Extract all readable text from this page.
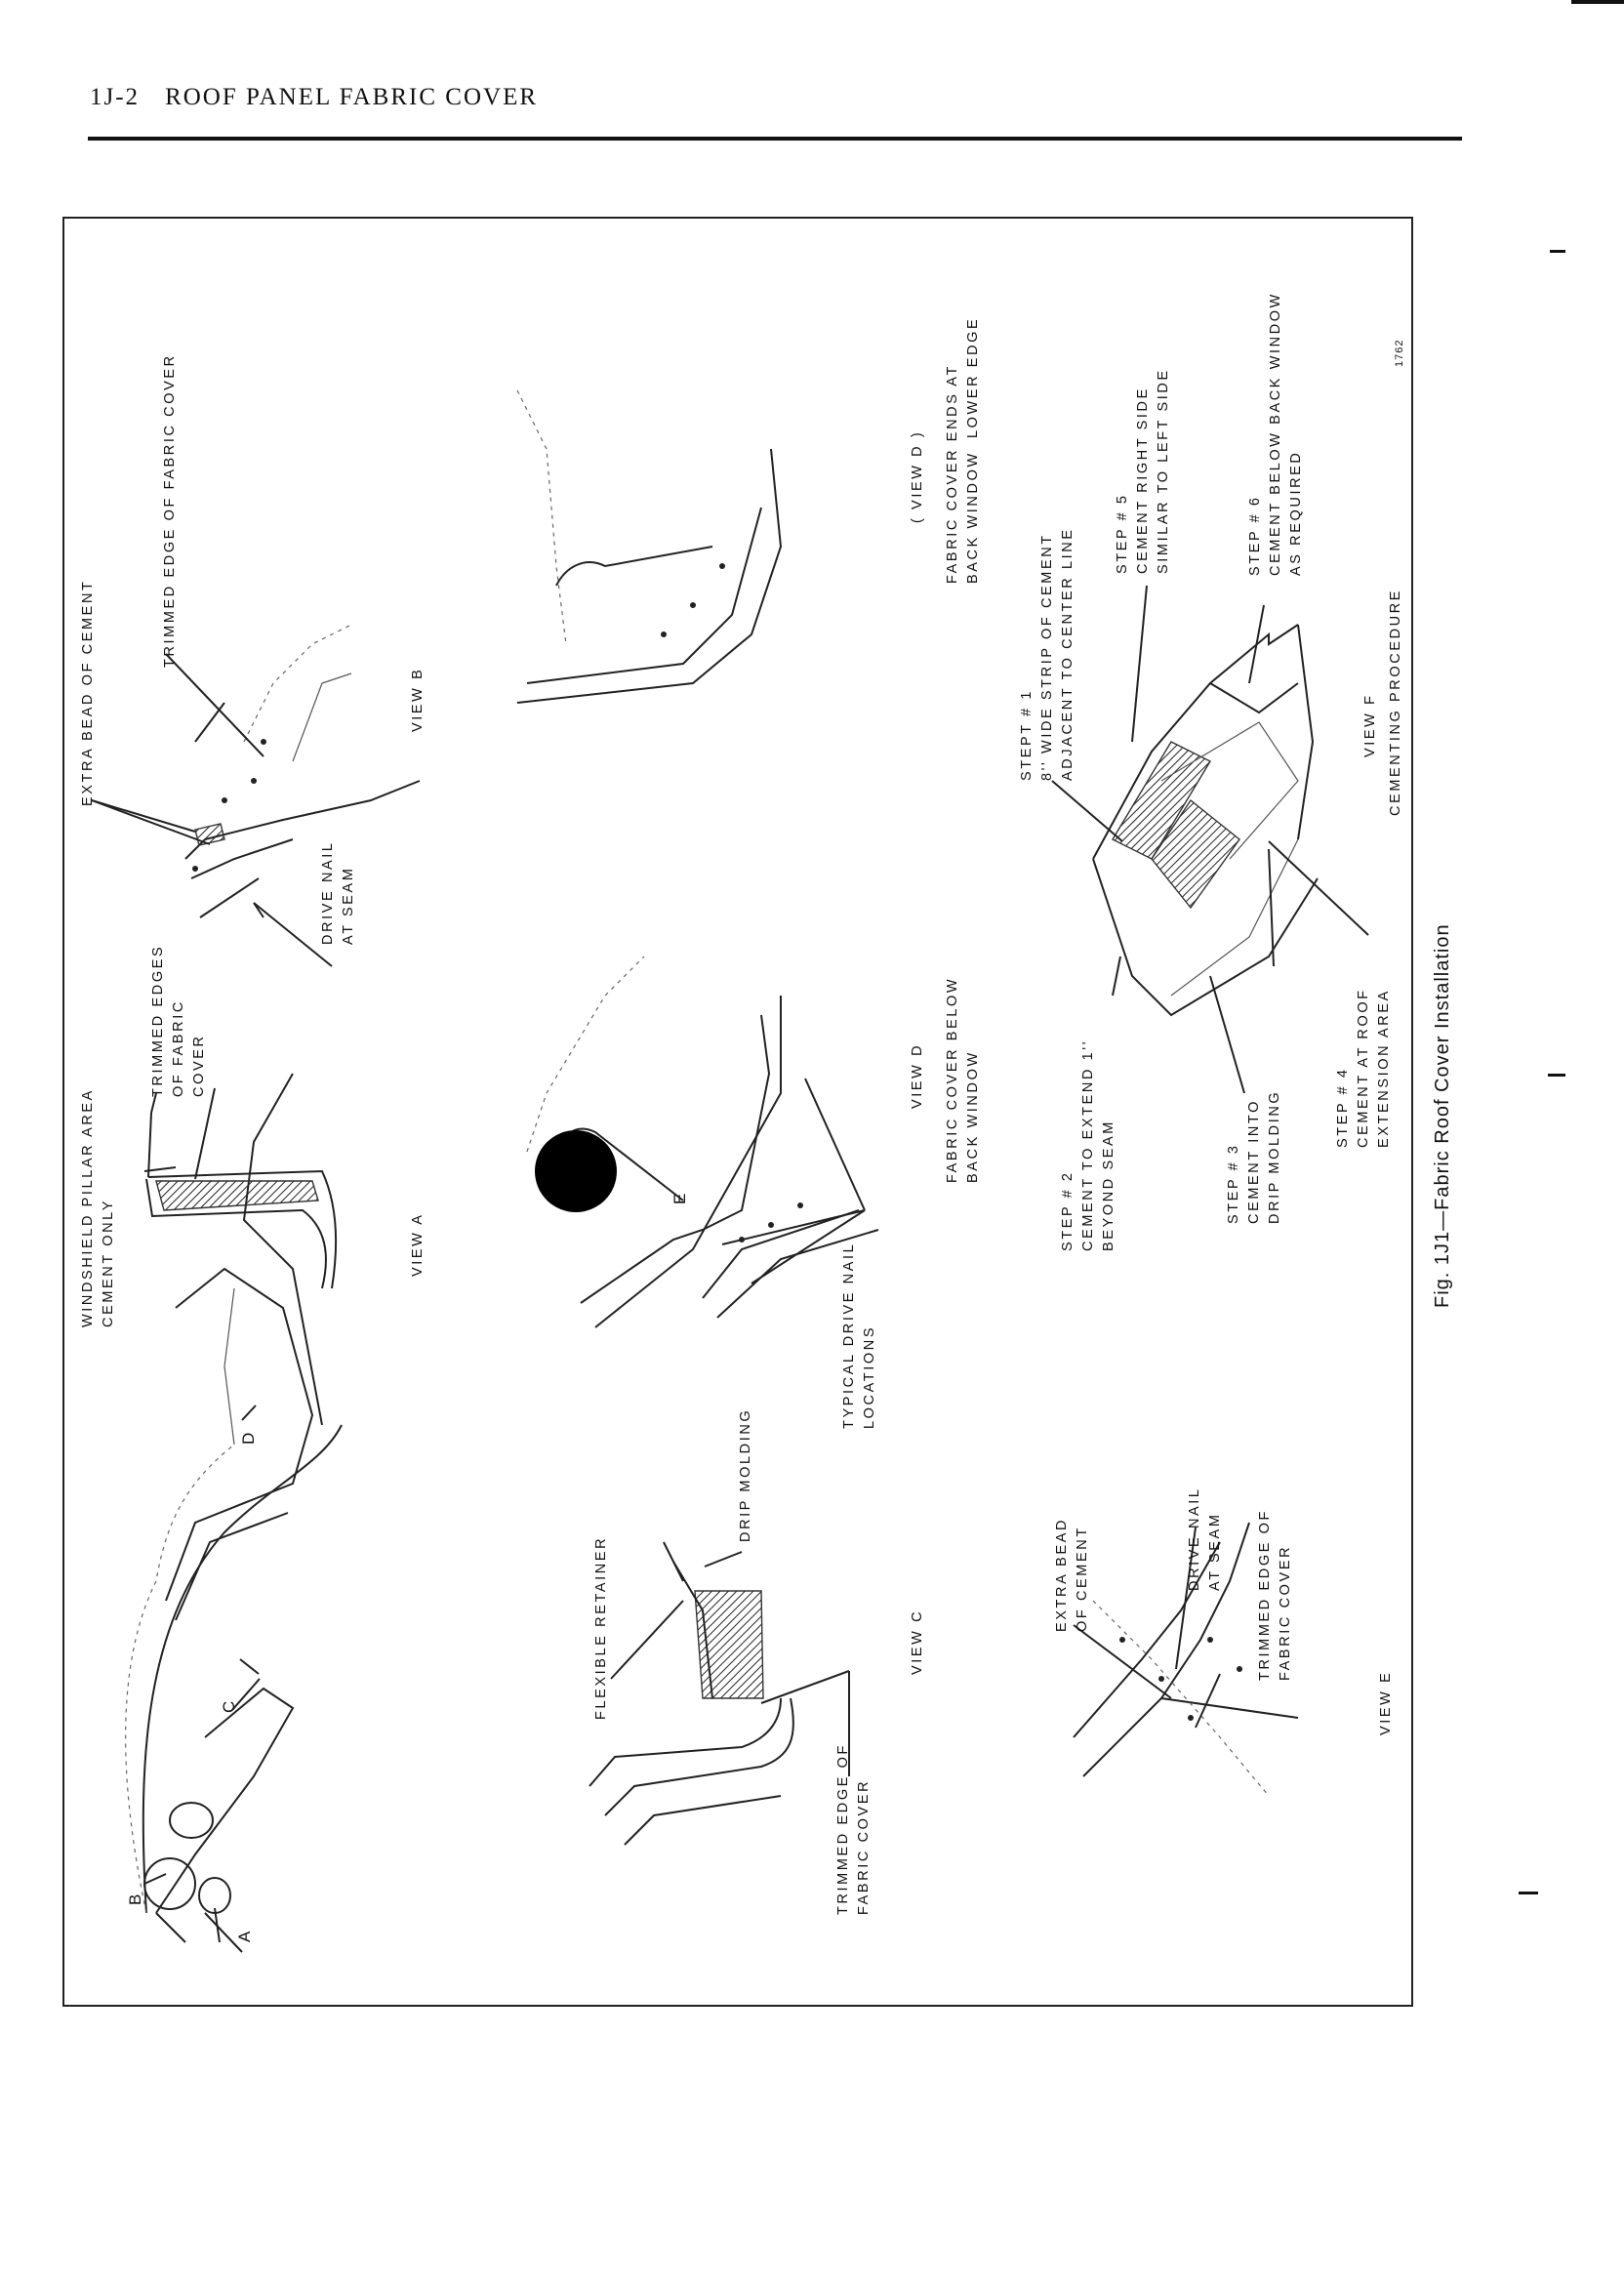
1J-2 ROOF PANEL FABRIC COVER
A
B
C
D
WINDSHIELD PILLAR AREA
CEMENT ONLY
TRIMMED EDGES
OF FABRIC
COVER
VIEW A
EXTRA BEAD OF CEMENT
TRIMMED EDGE OF FABRIC COVER
DRIVE NAIL
AT SEAM
VIEW B
FLEXIBLE RETAINER
DRIP MOLDING
TRIMMED EDGE OF
FABRIC COVER
VIEW C
TYPICAL DRIVE NAIL
LOCATIONS
E
VIEW D
FABRIC COVER BELOW
BACK WINDOW
( VIEW D )
FABRIC COVER ENDS AT
BACK WINDOW  LOWER EDGE
EXTRA BEAD
OF CEMENT	DRIVE NAIL
AT SEAM
TRIMMED EDGE OF
FABRIC COVER
VIEW E
STEPT # 1
8'' WIDE STRIP OF CEMENT
ADJACENT TO CENTER LINE
STEP # 2
CEMENT TO EXTEND 1''
BEYOND SEAM
STEP # 3
CEMENT INTO
DRIP MOLDING	STEP # 4
CEMENT AT ROOF
EXTENSION AREA
STEP # 5
CEMENT RIGHT SIDE
SIMILAR TO LEFT SIDE
STEP # 6
CEMENT BELOW BACK WINDOW
AS REQUIRED
VIEW F CEMENTING PROCEDURE
1762
Fig. 1J1—Fabric Roof Cover Installation
